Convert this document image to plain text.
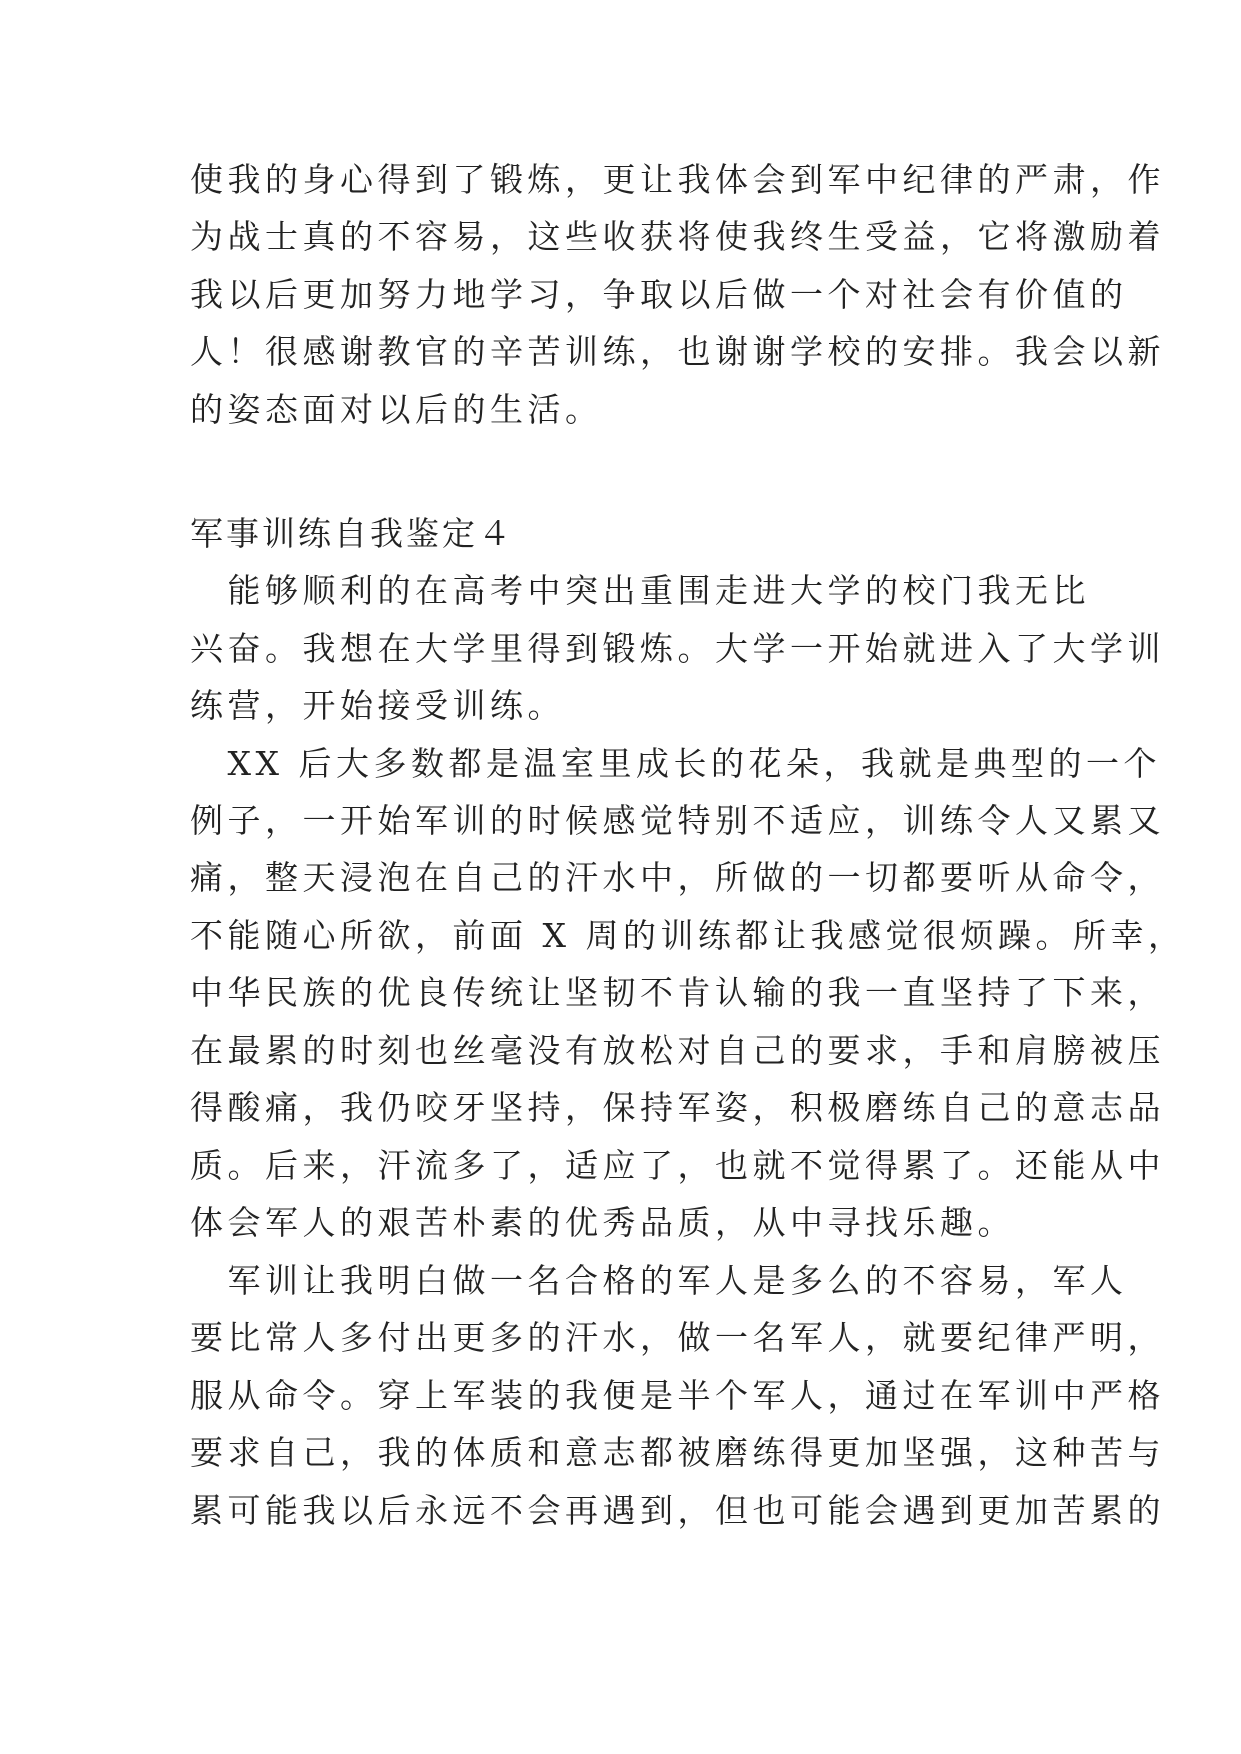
使我的身心得到了锻炼，更让我体会到军中纪律的严肃，作
为战士真的不容易，这些收获将使我终生受益，它将激励着
我以后更加努力地学习，争取以后做一个对社会有价值的
人！很感谢教官的辛苦训练，也谢谢学校的安排。我会以新
的姿态面对以后的生活。
军事训练自我鉴定４
　能够顺利的在高考中突出重围走进大学的校门我无比
兴奋。我想在大学里得到锻炼。大学一开始就进入了大学训
练营，开始接受训练。
　XX 后大多数都是温室里成长的花朵，我就是典型的一个
例子，一开始军训的时候感觉特别不适应，训练令人又累又
痛，整天浸泡在自己的汗水中，所做的一切都要听从命令，
不能随心所欲，前面 X 周的训练都让我感觉很烦躁。所幸，
中华民族的优良传统让坚韧不肯认输的我一直坚持了下来，
在最累的时刻也丝毫没有放松对自己的要求，手和肩膀被压
得酸痛，我仍咬牙坚持，保持军姿，积极磨练自己的意志品
质。后来，汗流多了，适应了，也就不觉得累了。还能从中
体会军人的艰苦朴素的优秀品质，从中寻找乐趣。
　军训让我明白做一名合格的军人是多么的不容易，军人
要比常人多付出更多的汗水，做一名军人，就要纪律严明，
服从命令。穿上军装的我便是半个军人，通过在军训中严格
要求自己，我的体质和意志都被磨练得更加坚强，这种苦与
累可能我以后永远不会再遇到，但也可能会遇到更加苦累的
